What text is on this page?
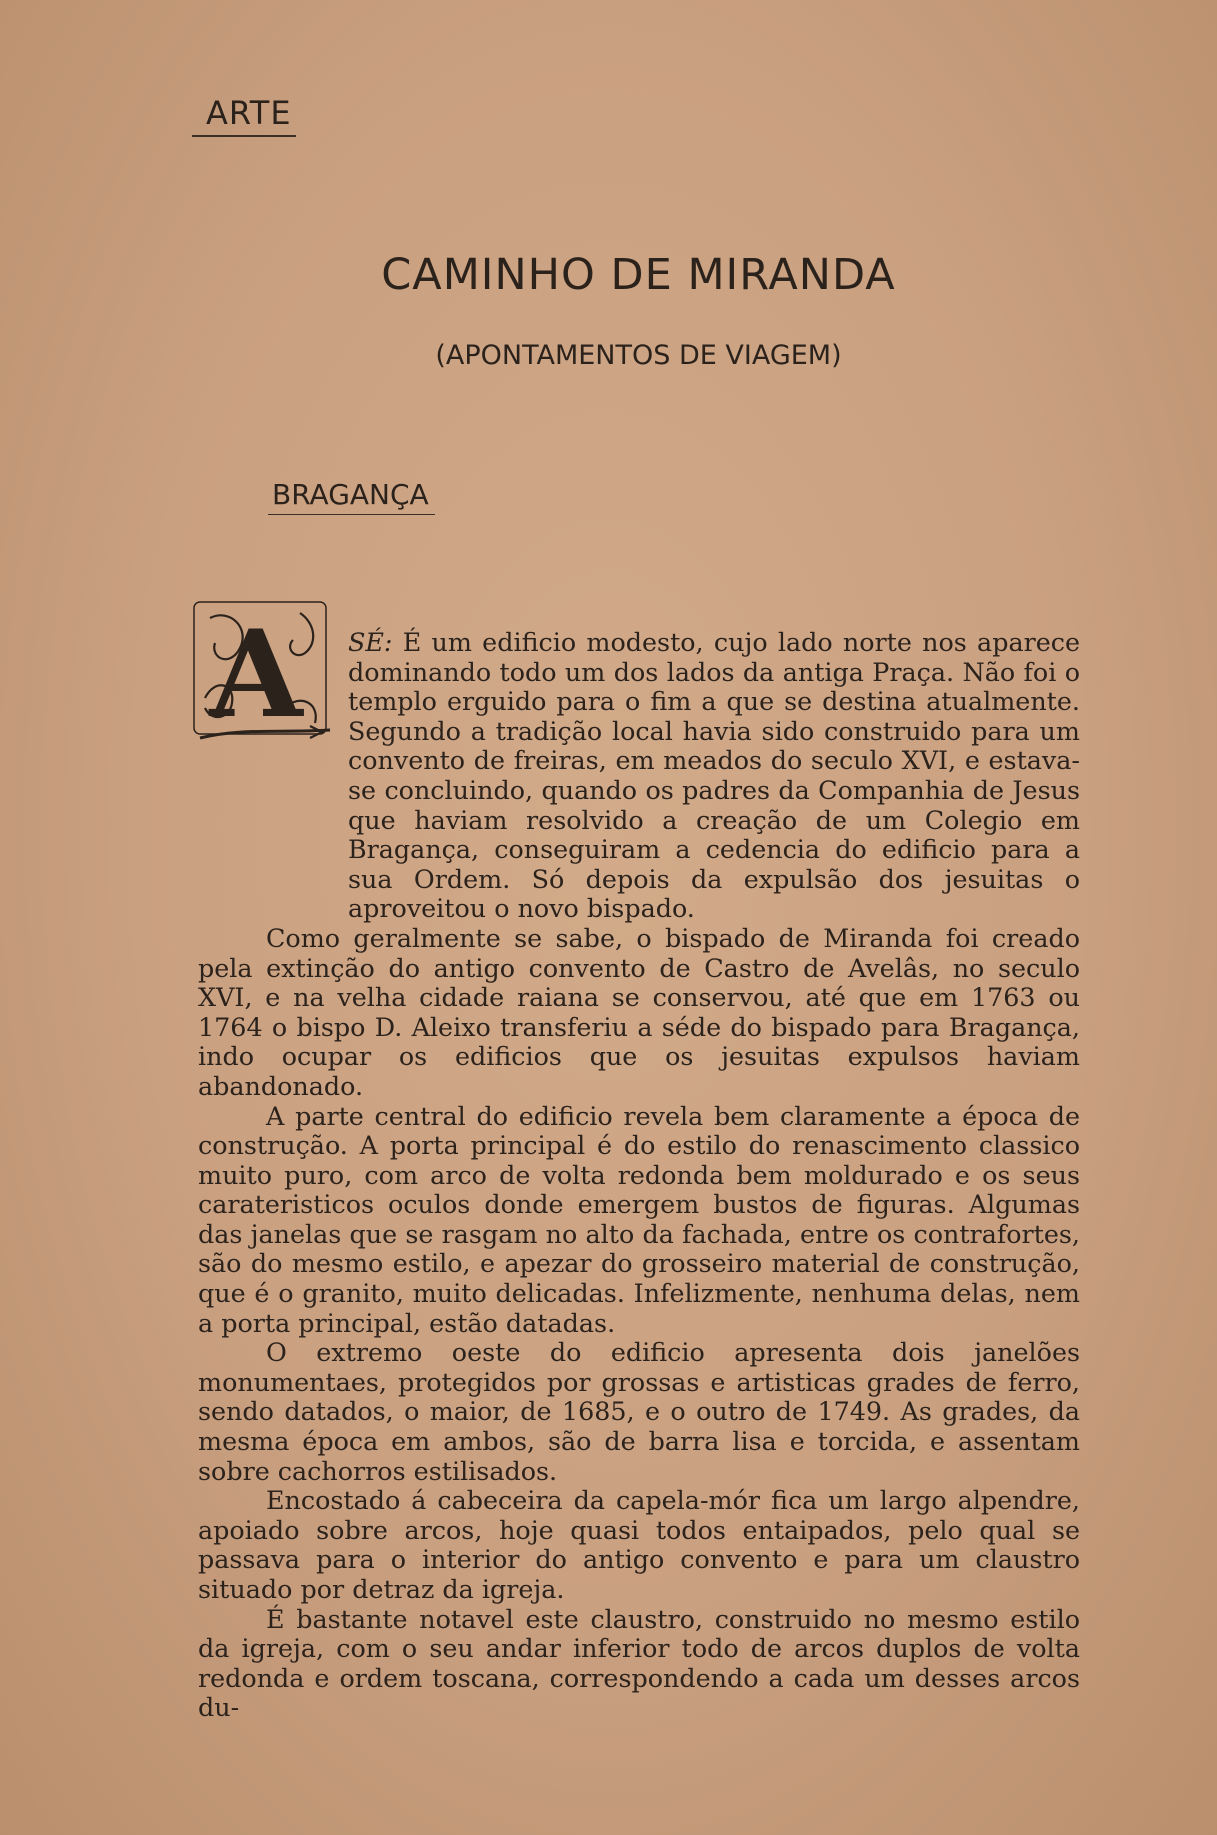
ARTE
CAMINHO DE MIRANDA
(APONTAMENTOS DE VIAGEM)
BRAGANÇA
A	SÉ: É um edificio modesto, cujo lado norte nos aparece dominando todo um dos lados da antiga Praça. Não foi o templo erguido para o fim a que se destina atualmente. Segundo a tradição local havia sido construido para um convento de freiras, em meados do seculo XVI, e estava-se concluindo, quando os padres da Companhia de Jesus que haviam resolvido a creação de um Colegio em Bragança, conseguiram a cedencia do edificio para a sua Ordem. Só depois da expulsão dos jesuitas o aproveitou o novo bispado.

Como geralmente se sabe, o bispado de Miranda foi creado pela extinção do antigo convento de Castro de Avelâs, no seculo XVI, e na velha cidade raiana se conservou, até que em 1763 ou 1764 o bispo D. Aleixo transferiu a séde do bispado para Bragança, indo ocupar os edificios que os jesuitas expulsos haviam abandonado.

A parte central do edificio revela bem claramente a época de construção. A porta principal é do estilo do renascimento classico muito puro, com arco de volta redonda bem moldurado e os seus carateristicos oculos donde emergem bustos de figuras. Algumas das janelas que se rasgam no alto da fachada, entre os contrafortes, são do mesmo estilo, e apezar do grosseiro material de construção, que é o granito, muito delicadas. Infelizmente, nenhuma delas, nem a porta principal, estão datadas.

O extremo oeste do edificio apresenta dois janelões monumentaes, protegidos por grossas e artisticas grades de ferro, sendo datados, o maior, de 1685, e o outro de 1749. As grades, da mesma época em ambos, são de barra lisa e torcida, e assentam sobre cachorros estilisados.

Encostado á cabeceira da capela-mór fica um largo alpendre, apoiado sobre arcos, hoje quasi todos entaipados, pelo qual se passava para o interior do antigo convento e para um claustro situado por detraz da igreja.

É bastante notavel este claustro, construido no mesmo estilo da igreja, com o seu andar inferior todo de arcos duplos de volta redonda e ordem toscana, correspondendo a cada um desses arcos du-
